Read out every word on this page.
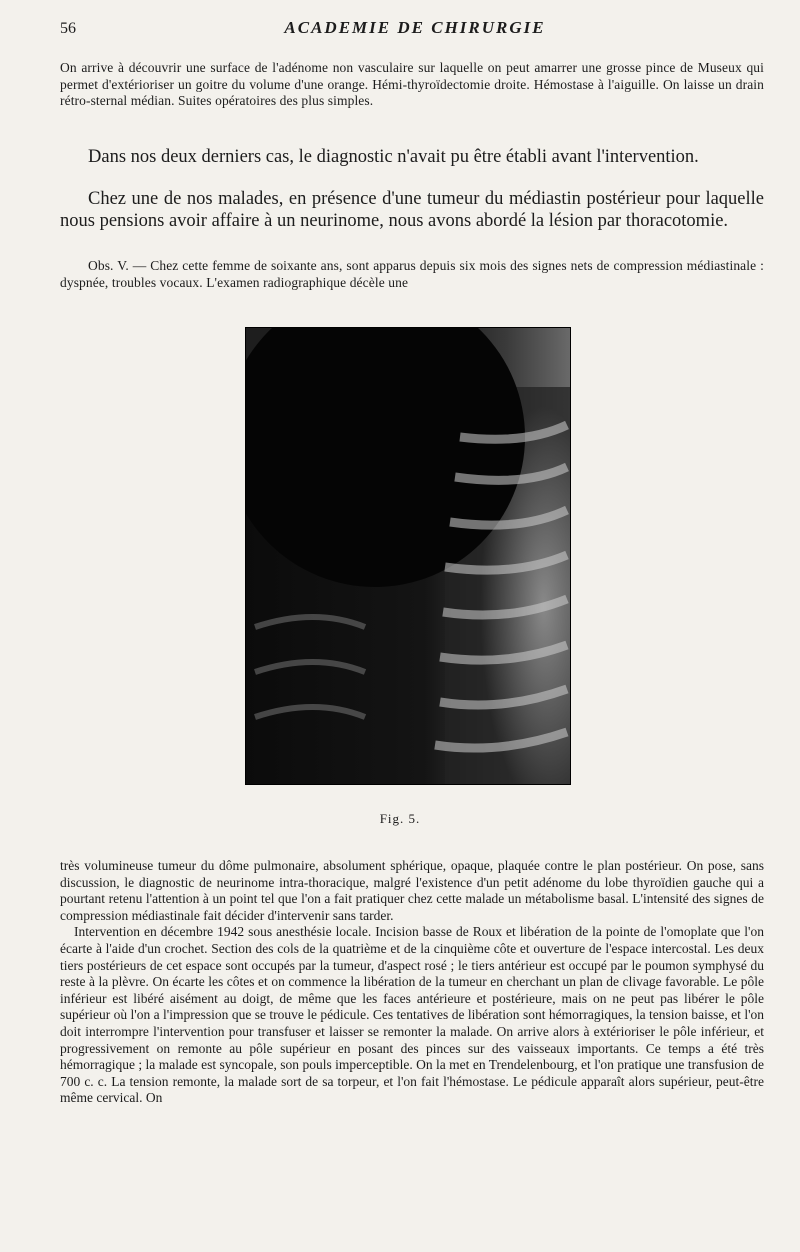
56	ACADEMIE DE CHIRURGIE

On arrive à découvrir une surface de l'adénome non vasculaire sur laquelle on peut amarrer une grosse pince de Museux qui permet d'extérioriser un goitre du volume d'une orange. Hémi-thyroïdectomie droite. Hémostase à l'aiguille. On laisse un drain rétro-sternal médian. Suites opératoires des plus simples.

Dans nos deux derniers cas, le diagnostic n'avait pu être établi avant l'intervention.

Chez une de nos malades, en présence d'une tumeur du médiastin postérieur pour laquelle nous pensions avoir affaire à un neurinome, nous avons abordé la lésion par thoracotomie.

Obs. V. — Chez cette femme de soixante ans, sont apparus depuis six mois des signes nets de compression médiastinale : dyspnée, troubles vocaux. L'examen radiographique décèle une

Fig. 5.

très volumineuse tumeur du dôme pulmonaire, absolument sphérique, opaque, plaquée contre le plan postérieur. On pose, sans discussion, le diagnostic de neurinome intra-thoracique, malgré l'existence d'un petit adénome du lobe thyroïdien gauche qui a pourtant retenu l'attention à un point tel que l'on a fait pratiquer chez cette malade un métabolisme basal. L'intensité des signes de compression médiastinale fait décider d'intervenir sans tarder.

Intervention en décembre 1942 sous anesthésie locale. Incision basse de Roux et libération de la pointe de l'omoplate que l'on écarte à l'aide d'un crochet. Section des cols de la quatrième et de la cinquième côte et ouverture de l'espace intercostal. Les deux tiers postérieurs de cet espace sont occupés par la tumeur, d'aspect rosé ; le tiers antérieur est occupé par le poumon symphysé du reste à la plèvre. On écarte les côtes et on commence la libération de la tumeur en cherchant un plan de clivage favorable. Le pôle inférieur est libéré aisément au doigt, de même que les faces antérieure et postérieure, mais on ne peut pas libérer le pôle supérieur où l'on a l'impression que se trouve le pédicule. Ces tentatives de libération sont hémorragiques, la tension baisse, et l'on doit interrompre l'intervention pour transfuser et laisser se remonter la malade. On arrive alors à extérioriser le pôle inférieur, et progressivement on remonte au pôle supérieur en posant des pinces sur des vaisseaux importants. Ce temps a été très hémorragique ; la malade est syncopale, son pouls imperceptible. On la met en Trendelenbourg, et l'on pratique une transfusion de 700 c. c. La tension remonte, la malade sort de sa torpeur, et l'on fait l'hémostase. Le pédicule apparaît alors supérieur, peut-être même cervical. On
